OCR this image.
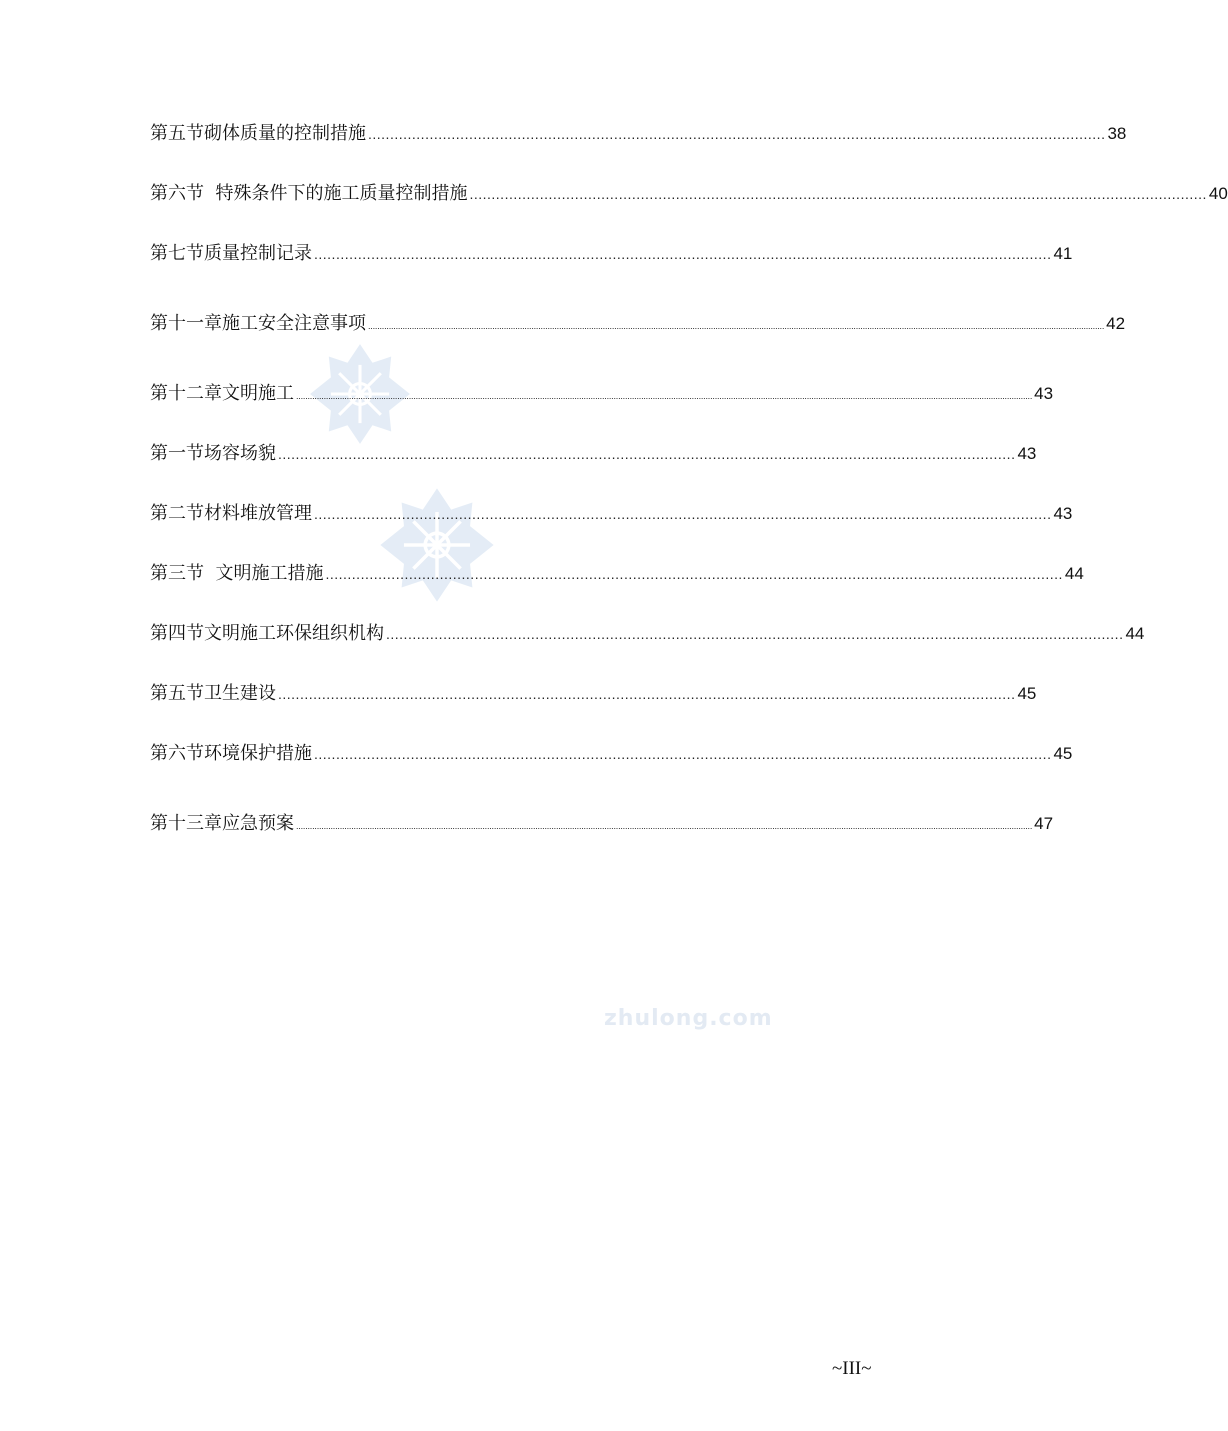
zhulong.com
第五节砌体质量的控制措施 ........................................................................................................................................................................ 38
第六节  特殊条件下的施工质量控制措施 ........................................................................................................................................................................ 40
第七节质量控制记录 ........................................................................................................................................................................ 41
第十一章施工安全注意事项 ................................................................................................................................................................................................................................................................................................................................ 42
第十二章文明施工 ................................................................................................................................................................................................................................................................................................................................ 43
第一节场容场貌 ........................................................................................................................................................................ 43
第二节材料堆放管理 ........................................................................................................................................................................ 43
第三节  文明施工措施 ........................................................................................................................................................................ 44
第四节文明施工环保组织机构 ........................................................................................................................................................................ 44
第五节卫生建设 ........................................................................................................................................................................ 45
第六节环境保护措施 ........................................................................................................................................................................ 45
第十三章应急预案 ................................................................................................................................................................................................................................................................................................................................ 47
~III~
